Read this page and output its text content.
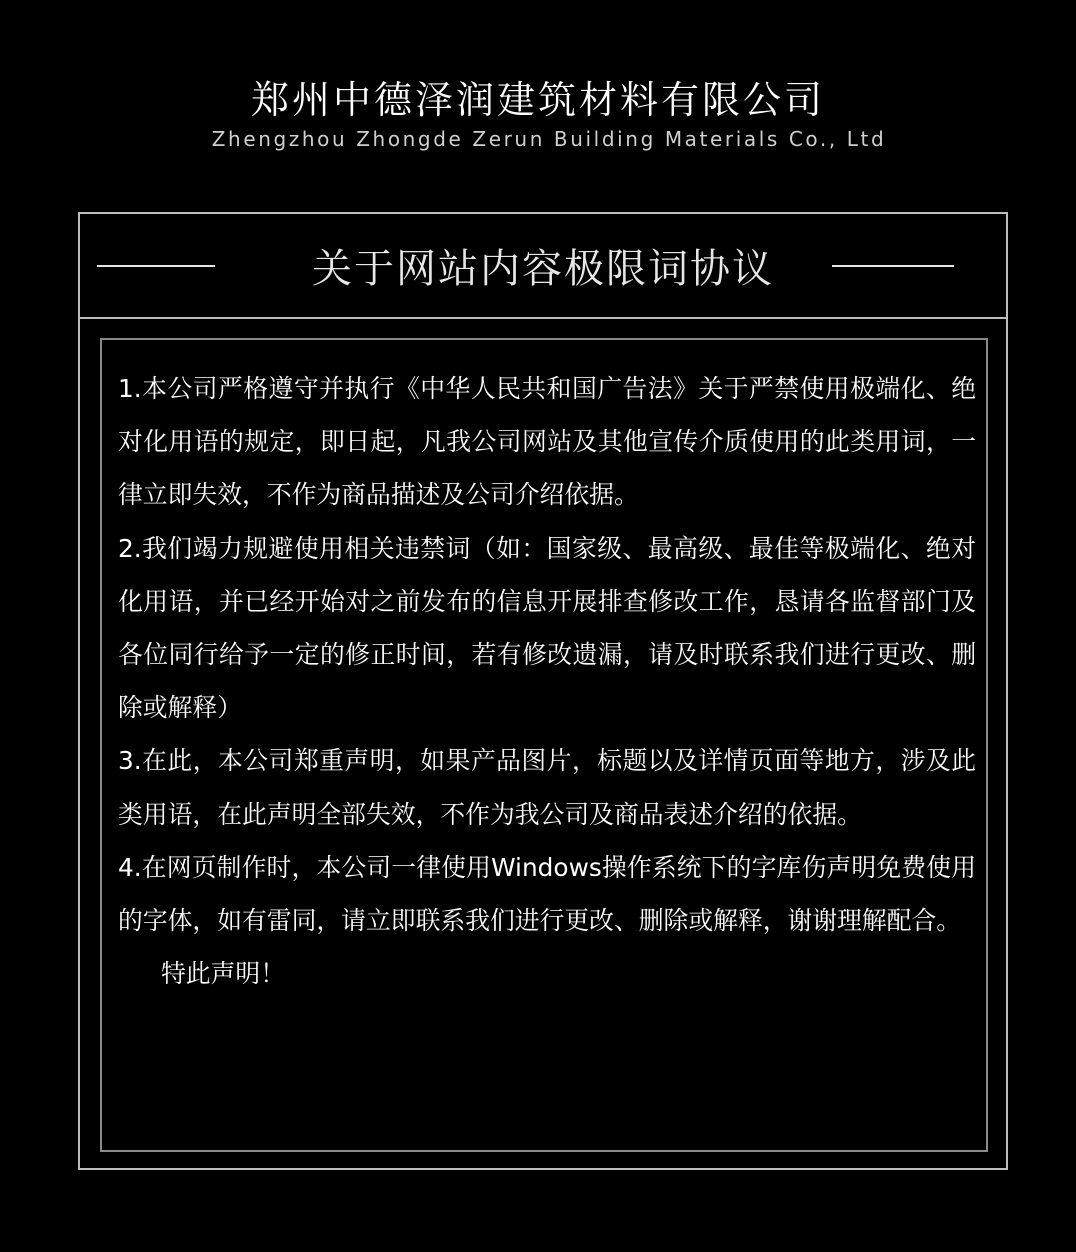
郑州中德泽润建筑材料有限公司
Zhengzhou Zhongde Zerun Building Materials Co., Ltd
关于网站内容极限词协议

1.本公司严格遵守并执行《中华人民共和国广告法》关于严禁使用极端化、绝对化用语的规定，即日起，凡我公司网站及其他宣传介质使用的此类用词，一律立即失效，不作为商品描述及公司介绍依据。

2.我们竭力规避使用相关违禁词（如：国家级、最高级、最佳等极端化、绝对化用语，并已经开始对之前发布的信息开展排查修改工作，恳请各监督部门及各位同行给予一定的修正时间，若有修改遗漏，请及时联系我们进行更改、删除或解释）

3.在此，本公司郑重声明，如果产品图片，标题以及详情页面等地方，涉及此类用语，在此声明全部失效，不作为我公司及商品表述介绍的依据。

4.在网页制作时，本公司一律使用Windows操作系统下的字库伤声明免费使用的字体，如有雷同，请立即联系我们进行更改、删除或解释，谢谢理解配合。

特此声明！
